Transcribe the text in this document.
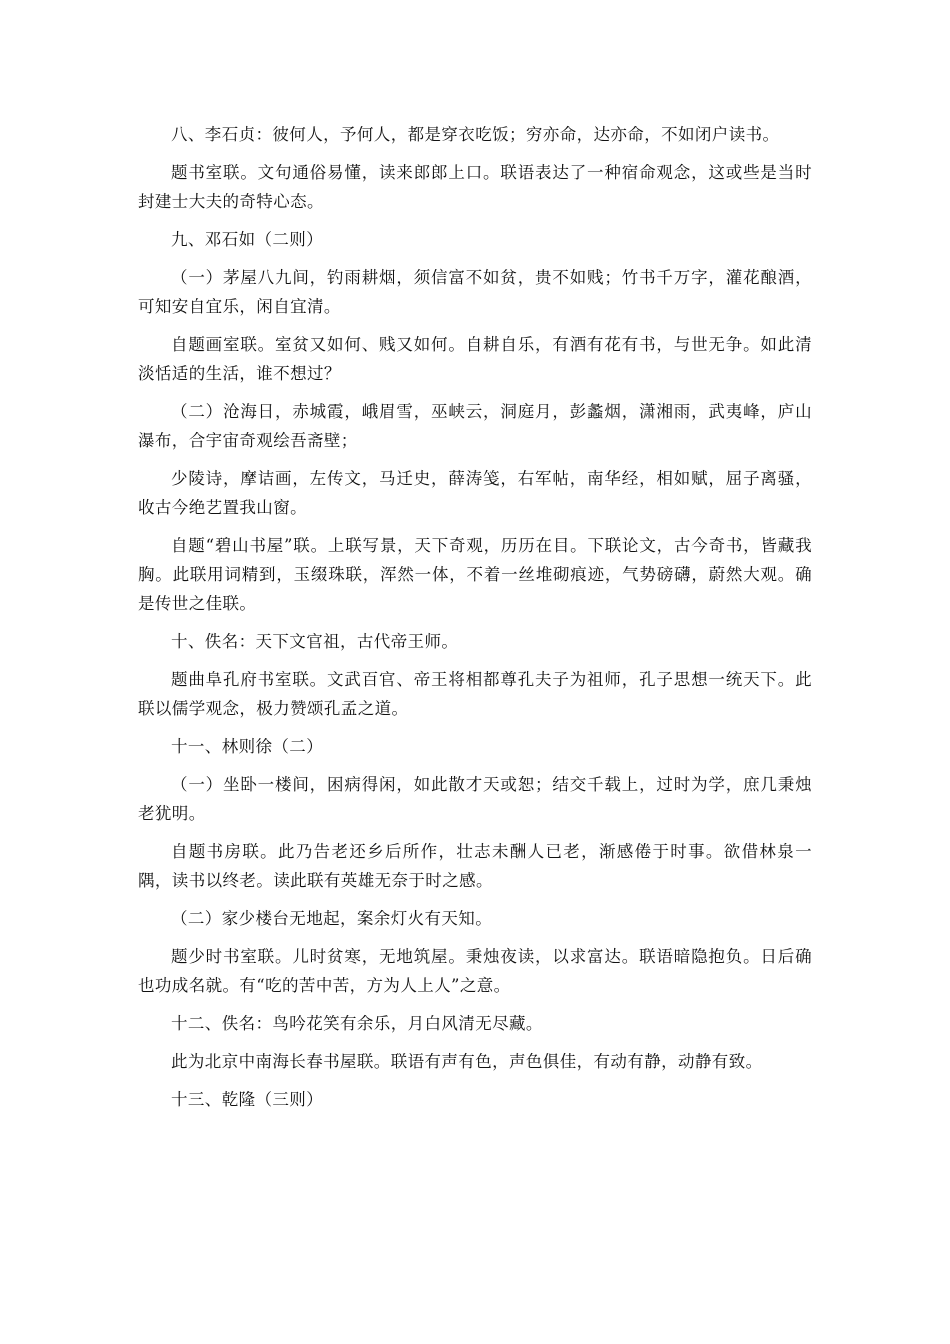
八、李石贞：彼何人，予何人，都是穿衣吃饭；穷亦命，达亦命，不如闭户读书。

题书室联。文句通俗易懂，读来郎郎上口。联语表达了一种宿命观念，这或些是当时封建士大夫的奇特心态。

九、邓石如（二则）

（一）茅屋八九间，钓雨耕烟，须信富不如贫，贵不如贱；竹书千万字，灌花酿酒，可知安自宜乐，闲自宜清。

自题画室联。室贫又如何、贱又如何。自耕自乐，有酒有花有书，与世无争。如此清淡恬适的生活，谁不想过？

（二）沧海日，赤城霞，峨眉雪，巫峡云，洞庭月，彭蠡烟，潇湘雨，武夷峰，庐山瀑布，合宇宙奇观绘吾斋壁；

少陵诗，摩诘画，左传文，马迁史，薛涛笺，右军帖，南华经，相如赋，屈子离骚，收古今绝艺置我山窗。

自题“碧山书屋”联。上联写景，天下奇观，历历在目。下联论文，古今奇书，皆藏我胸。此联用词精到，玉缀珠联，浑然一体，不着一丝堆砌痕迹，气势磅礴，蔚然大观。确是传世之佳联。

十、佚名：天下文官祖，古代帝王师。

题曲阜孔府书室联。文武百官、帝王将相都尊孔夫子为祖师，孔子思想一统天下。此联以儒学观念，极力赞颂孔孟之道。

十一、林则徐（二）

（一）坐卧一楼间，困病得闲，如此散才天或恕；结交千载上，过时为学，庶几秉烛老犹明。

自题书房联。此乃告老还乡后所作，壮志未酬人已老，渐感倦于时事。欲借林泉一隅，读书以终老。读此联有英雄无奈于时之感。

（二）家少楼台无地起，案余灯火有天知。

题少时书室联。儿时贫寒，无地筑屋。秉烛夜读，以求富达。联语暗隐抱负。日后确也功成名就。有“吃的苦中苦，方为人上人”之意。

十二、佚名：鸟吟花笑有余乐，月白风清无尽藏。

此为北京中南海长春书屋联。联语有声有色，声色俱佳，有动有静，动静有致。

十三、乾隆（三则）
